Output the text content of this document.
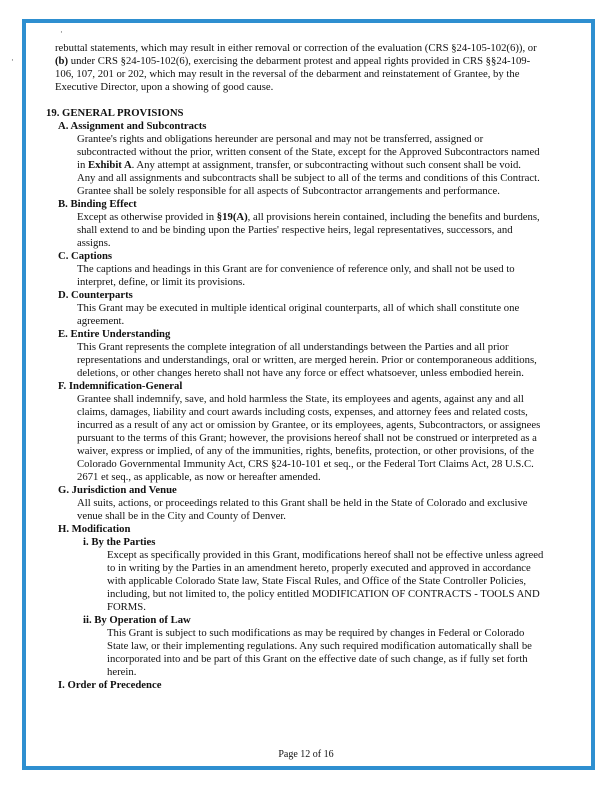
·
·

rebuttal statements, which may result in either removal or correction of the evaluation (CRS §24-105-102(6)), or

(b) under CRS §24-105-102(6), exercising the debarment protest and appeal rights provided in CRS §§24-109-

106, 107, 201 or 202, which may result in the reversal of the debarment and reinstatement of Grantee, by the

Executive Director, upon a showing of good cause.

19. GENERAL PROVISIONS

A. Assignment and Subcontracts

Grantee's rights and obligations hereunder are personal and may not be transferred, assigned or

subcontracted without the prior, written consent of the State, except for the Approved Subcontractors named

in Exhibit A. Any attempt at assignment, transfer, or subcontracting without such consent shall be void.

Any and all assignments and subcontracts shall be subject to all of the terms and conditions of this Contract.

Grantee shall be solely responsible for all aspects of Subcontractor arrangements and performance.

B. Binding Effect

Except as otherwise provided in §19(A), all provisions herein contained, including the benefits and burdens,

shall extend to and be binding upon the Parties' respective heirs, legal representatives, successors, and

assigns.

C. Captions

The captions and headings in this Grant are for convenience of reference only, and shall not be used to

interpret, define, or limit its provisions.

D. Counterparts

This Grant may be executed in multiple identical original counterparts, all of which shall constitute one

agreement.

E. Entire Understanding

This Grant represents the complete integration of all understandings between the Parties and all prior

representations and understandings, oral or written, are merged herein. Prior or contemporaneous additions,

deletions, or other changes hereto shall not have any force or effect whatsoever, unless embodied herein.

F. Indemnification-General

Grantee shall indemnify, save, and hold harmless the State, its employees and agents, against any and all

claims, damages, liability and court awards including costs, expenses, and attorney fees and related costs,

incurred as a result of any act or omission by Grantee, or its employees, agents, Subcontractors, or assignees

pursuant to the terms of this Grant; however, the provisions hereof shall not be construed or interpreted as a

waiver, express or implied, of any of the immunities, rights, benefits, protection, or other provisions, of the

Colorado Governmental Immunity Act, CRS §24-10-101 et seq., or the Federal Tort Claims Act, 28 U.S.C.

2671 et seq., as applicable, as now or hereafter amended.

G. Jurisdiction and Venue

All suits, actions, or proceedings related to this Grant shall be held in the State of Colorado and exclusive

venue shall be in the City and County of Denver.

H. Modification

i. By the Parties

Except as specifically provided in this Grant, modifications hereof shall not be effective unless agreed

to in writing by the Parties in an amendment hereto, properly executed and approved in accordance

with applicable Colorado State law, State Fiscal Rules, and Office of the State Controller Policies,

including, but not limited to, the policy entitled MODIFICATION OF CONTRACTS - TOOLS AND

FORMS.

ii. By Operation of Law

This Grant is subject to such modifications as may be required by changes in Federal or Colorado

State law, or their implementing regulations. Any such required modification automatically shall be

incorporated into and be part of this Grant on the effective date of such change, as if fully set forth

herein.

I. Order of Precedence

Page 12 of 16
